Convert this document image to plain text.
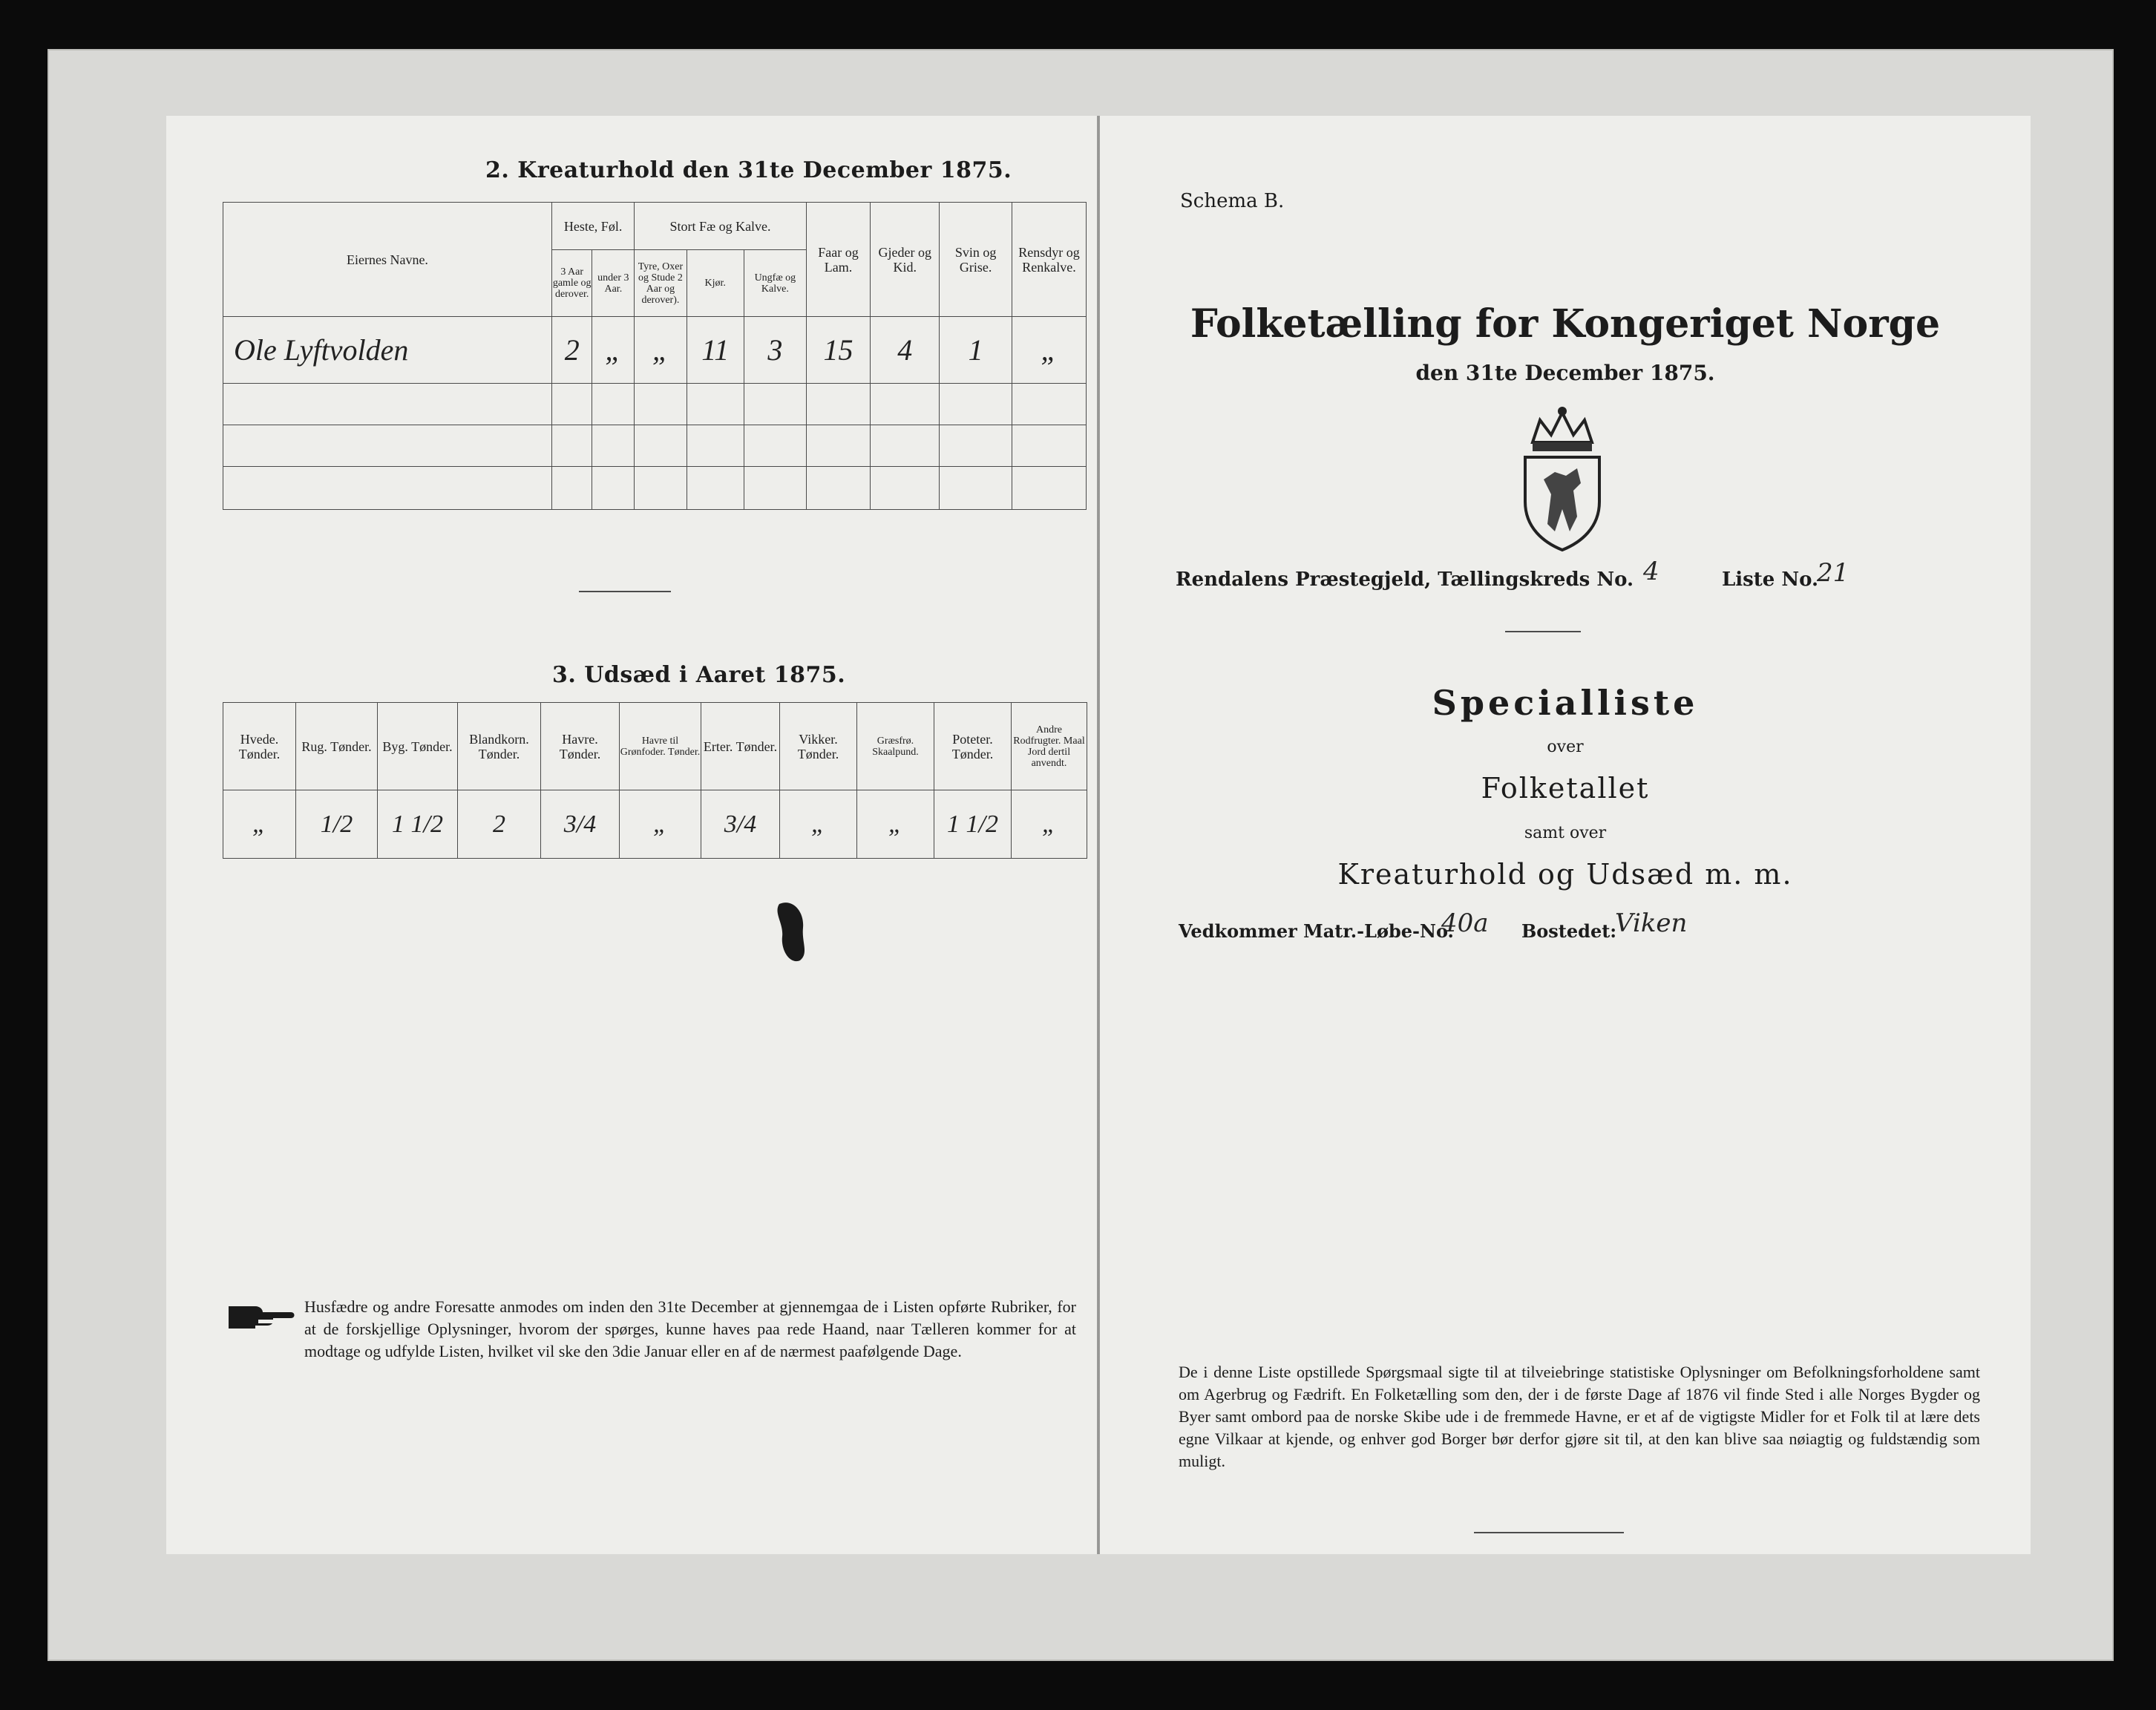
2. Kreaturhold den 31te December 1875.
Eiernes Navne.	Heste, Føl.		Stort Fæ og Kalve.			Faar og Lam.	Gjeder og Kid.	Svin og Grise.	Rensdyr og Renkalve.
	3 Aar gamle og derover.	under 3 Aar.	Tyre, Oxer og Stude 2 Aar og derover).	Kjør.	Ungfæ og Kalve.				
Ole Lyftvolden	2	„	„	11	3	15	4	1	„

3. Udsæd i Aaret 1875.
Hvede. Tønder.	Rug. Tønder.	Byg. Tønder.	Blandkorn. Tønder.	Havre. Tønder.	Havre til Grønfoder. Tønder.	Erter. Tønder.	Vikker. Tønder.	Græsfrø. Skaalpund.	Poteter. Tønder.	Andre Rodfrugter. Maal Jord dertil anvendt.
„	1/2	1 1/2	2	3/4	„	3/4	„	„	1 1/2	„
Husfædre og andre Foresatte anmodes om inden den 31te December at gjennemgaa de i Listen opførte Rubriker, for at de forskjellige Oplysninger, hvorom der spørges, kunne haves paa rede Haand, naar Tælleren kommer for at modtage og udfylde Listen, hvilket vil ske den 3die Januar eller en af de nærmest paafølgende Dage.
Schema B.
Folketælling for Kongeriget Norge
den 31te December 1875.
Rendalens Præstegjeld, Tællingskreds No. 4	Liste No.
21
Specialliste
over
Folketallet
samt over
Kreaturhold og Udsæd m. m.
Vedkommer Matr.-Løbe-No.
40a Bostedet:
Viken
De i denne Liste opstillede Spørgsmaal sigte til at tilveiebringe statistiske Oplysninger om Befolkningsforholdene samt om Agerbrug og Fædrift. En Folketælling som den, der i de første Dage af 1876 vil finde Sted i alle Norges Bygder og Byer samt ombord paa de norske Skibe ude i de fremmede Havne, er et af de vigtigste Midler for et Folk til at lære dets egne Vilkaar at kjende, og enhver god Borger bør derfor gjøre sit til, at den kan blive saa nøiagtig og fuldstændig som muligt.
